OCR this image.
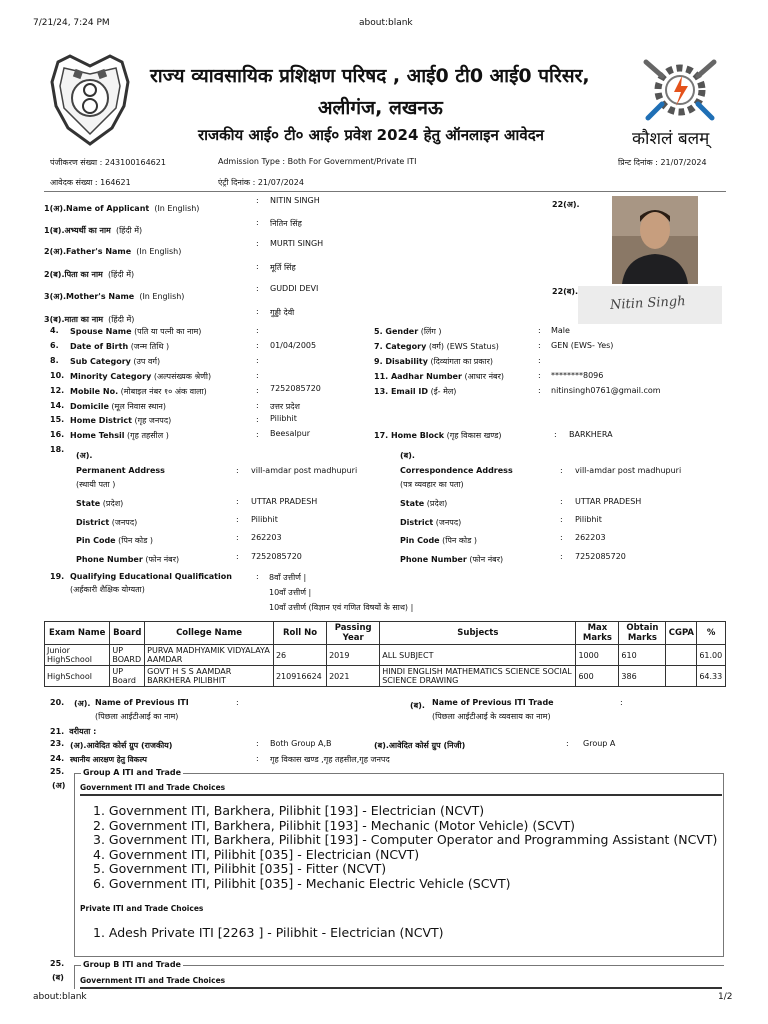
7/21/24, 7:24 PM	about:blank
about:blank	1/2
राज्य व्यावसायिक प्रशिक्षण परिषद , आई0 टी0 आई0 परिसर,
अलीगंज, लखनऊ
राजकीय आई० टी० आई० प्रवेश 2024 हेतु ऑनलाइन आवेदन	कौशलं बलम्
पंजीकरण संख्या : 243100164621	Admission Type : Both For Government/Private ITI	प्रिन्ट दिनांक : 21/07/2024
आवेदक संख्या : 164621	एंट्री दिनांक : 21/07/2024
1(अ).Name of Applicant (In English)
: NITIN SINGH
1(ब).अभ्यर्थी का नाम (हिंदी में)
: नितिन सिंह
2(अ).Father's Name (In English)
: MURTI SINGH
2(ब).पिता का नाम (हिंदी में)
: मूर्ति सिंह
3(अ).Mother's Name (In English)
: GUDDI DEVI
3(ब).माता का नाम (हिंदी में)
: गुड्डी देवी
22(अ).
22(ब).
Nitin Singh
4. Spouse Name (पति या पत्नी का नाम)	:
6. Date of Birth (जन्म तिथि )	: 01/04/2005
8. Sub Category (उप वर्ग)	:
10. Minority Category (अल्पसंख्यक श्रेणी)	:
12. Mobile No. (मोबाइल नंबर १० अंक वाला)	: 7252085720
14. Domicile (मूल निवास स्थान)	: उत्तर प्रदेश
15. Home District (गृह जनपद)	: Pilibhit
16. Home Tehsil (गृह तहसील )	: Beesalpur
5. Gender (लिंग )	: Male
7. Category (वर्ग) (EWS Status)	: GEN (EWS- Yes)
9. Disability (दिव्यांगता का प्रकार)	:
11. Aadhar Number (आधार नंबर)	: ********8096
13. Email ID (ई- मेल)	: nitinsingh0761@gmail.com
17. Home Block (गृह विकास खण्ड)	: BARKHERA
18.
(अ).	(ब).
Permanent Address
(स्थायी पता )
: vill-amdar post madhupuri
State (प्रदेश)	: UTTAR PRADESH
District (जनपद)	: Pilibhit
Pin Code (पिन कोड )	: 262203
Phone Number (फोन नंबर)	: 7252085720
Correspondence Address
(पत्र व्यवहार का पता)
: vill-amdar post madhupuri
State (प्रदेश)	: UTTAR PRADESH
District (जनपद)	: Pilibhit
Pin Code (पिन कोड )	: 262203
Phone Number (फोन नंबर)	: 7252085720
19. Qualifying Educational Qualification
(अर्हकारी शैक्षिक योग्यता)
: 8वॉं उत्तीर्ण |
10वॉं उत्तीर्ण |
10वॉं उत्तीर्ण (विज्ञान एवं गणित विषयों के साथ) |
Exam Name	Board	College Name	Roll No	Passing Year	Subjects	Max Marks	Obtain Marks	CGPA	%
Junior HighSchool	UP BOARD	PURVA MADHYAMIK VIDYALAYA AAMDAR	26	2019	ALL SUBJECT	1000	610		61.00
HighSchool	UP Board	GOVT H S S AAMDAR BARKHERA PILIBHIT	210916624	2021	HINDI ENGLISH MATHEMATICS SCIENCE SOCIAL SCIENCE DRAWING	600	386		64.33
20. (अ). Name of Previous ITI
(पिछला आईटीआई का नाम)
:	(ब). Name of Previous ITI Trade
(पिछला आईटीआई के व्यवसाय का नाम)
:
21. वरीयता :
23. (अ).आवेदित कोर्स ग्रुप (राजकीय)	: Both Group A,B	(ब).आवेदित कोर्स ग्रुप (निजी)	: Group A
24. स्थानीय आरक्षण हेतु विकल्प	: गृह विकास खण्ड ,गृह तहसील,गृह जनपद
25.
(अ)
Group A ITI and Trade
Government ITI and Trade Choices
1. Government ITI, Barkhera, Pilibhit [193] - Electrician (NCVT)
2. Government ITI, Barkhera, Pilibhit [193] - Mechanic (Motor Vehicle) (SCVT)
3. Government ITI, Barkhera, Pilibhit [193] - Computer Operator and Programming Assistant (NCVT)
4. Government ITI, Pilibhit [035] - Electrician (NCVT)
5. Government ITI, Pilibhit [035] - Fitter (NCVT)
6. Government ITI, Pilibhit [035] - Mechanic Electric Vehicle (SCVT)
Private ITI and Trade Choices
1. Adesh Private ITI [2263 ] - Pilibhit - Electrician (NCVT)
25.
(ब)
Group B ITI and Trade
Government ITI and Trade Choices
